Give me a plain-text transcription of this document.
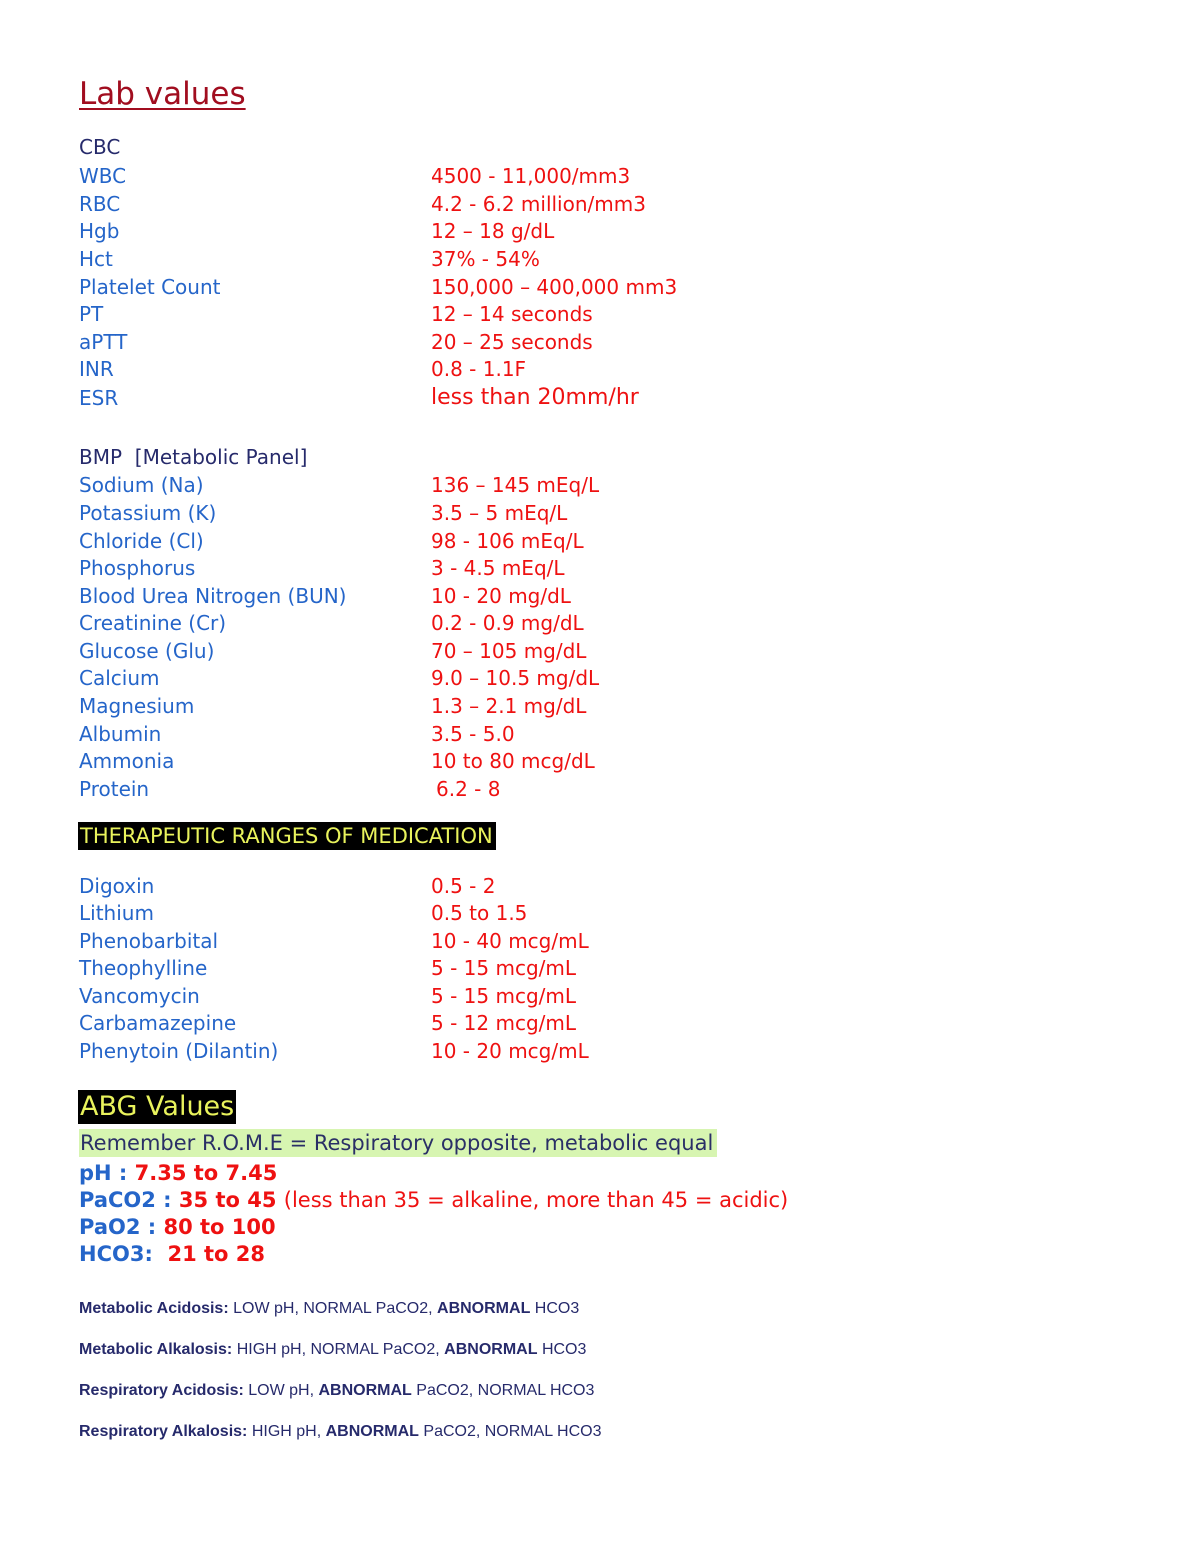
Lab values
CBC
WBC	4500 - 11,000/mm3
RBC	4.2 - 6.2 million/mm3
Hgb	12 – 18 g/dL
Hct	37% - 54%
Platelet Count	150,000 – 400,000 mm3
PT	12 – 14 seconds
aPTT	20 – 25 seconds
INR	0.8 - 1.1F
ESR	less than 20mm/hr
BMP [Metabolic Panel]
Sodium (Na)	136 – 145 mEq/L
Potassium (K)	3.5 – 5 mEq/L
Chloride (Cl)	98 - 106 mEq/L
Phosphorus	3 - 4.5 mEq/L
Blood Urea Nitrogen (BUN)	10 - 20 mg/dL
Creatinine (Cr)	0.2 - 0.9 mg/dL
Glucose (Glu)	70 – 105 mg/dL
Calcium	9.0 – 10.5 mg/dL
Magnesium	1.3 – 2.1 mg/dL
Albumin	3.5 - 5.0
Ammonia	10 to 80 mcg/dL
Protein	6.2 - 8
THERAPEUTIC RANGES OF MEDICATION
Digoxin	0.5 - 2
Lithium	0.5 to 1.5
Phenobarbital	10 - 40 mcg/mL
Theophylline	5 - 15 mcg/mL
Vancomycin	5 - 15 mcg/mL
Carbamazepine	5 - 12 mcg/mL
Phenytoin (Dilantin)	10 - 20 mcg/mL
ABG Values
Remember R.O.M.E = Respiratory opposite, metabolic equal
pH : 7.35 to 7.45
PaCO2 : 35 to 45 (less than 35 = alkaline, more than 45 = acidic)
PaO2 : 80 to 100
HCO3: 21 to 28
Metabolic Acidosis: LOW pH, NORMAL PaCO2, ABNORMAL HCO3
Metabolic Alkalosis: HIGH pH, NORMAL PaCO2, ABNORMAL HCO3
Respiratory Acidosis: LOW pH, ABNORMAL PaCO2, NORMAL HCO3
Respiratory Alkalosis: HIGH pH, ABNORMAL PaCO2, NORMAL HCO3
